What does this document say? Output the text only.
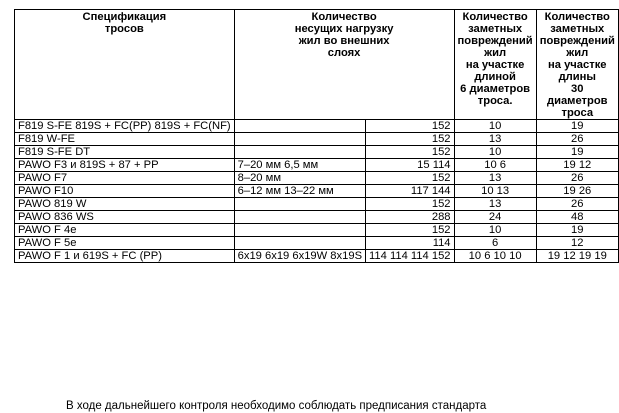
Спецификация
тросов	Количество
несущих нагрузку
жил во внешних
слоях		Количество заметных
повреждений жил
на участке длиной
6 диаметров троса.	Количество
заметных
повреждений жил
на участке длины
30 диаметров троса
F819 S-FE 819S + FC(PP) 819S + FC(NF)		152	10	19
F819 W-FE		152	13	26
F819 S-FE DT		152	10	19
PAWO F3 и 819S + 87 + PP	7–20 мм 6,5 мм	15 114	10 6	19 12
PAWO F7	8–20 мм	152	13	26
PAWO F10	6–12 мм 13–22 мм	117 144	10 13	19 26
PAWO 819 W		152	13	26
PAWO 836 WS		288	24	48
PAWO F 4e		152	10	19
PAWO F 5e		114	6	12
PAWO F 1 и 619S + FC (PP)	6x19 6x19 6x19W 8x19S	114 114 114 152	10 6 10 10	19 12 19 19
В ходе дальнейшего контроля необходимо соблюдать предписания стандарта
